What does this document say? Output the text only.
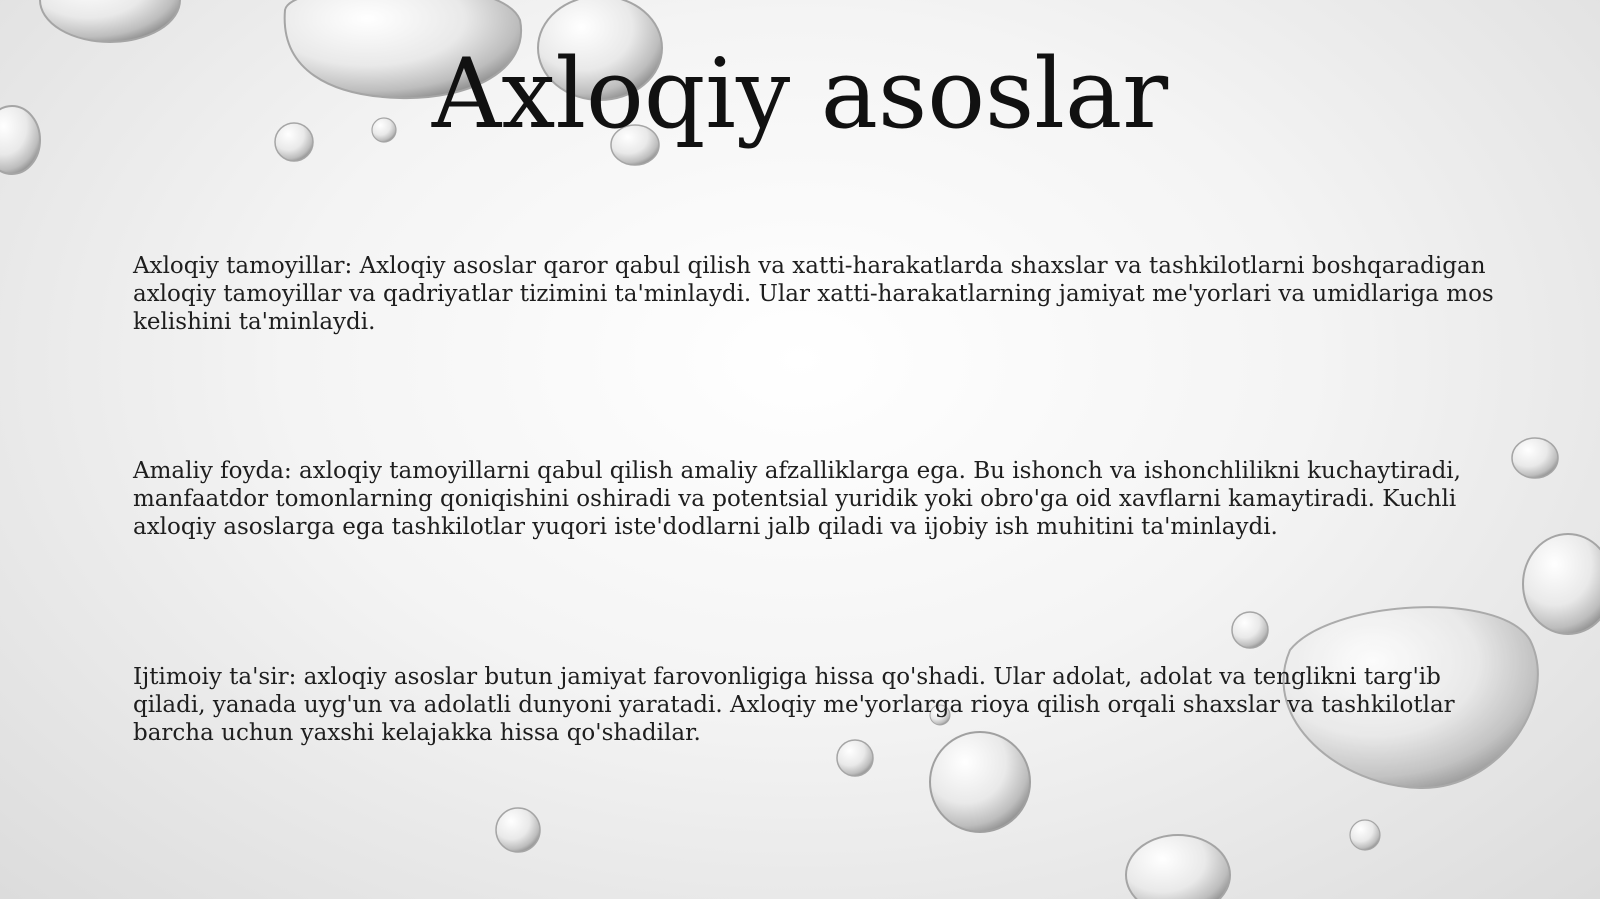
Axloqiy asoslar

Axloqiy tamoyillar: Axloqiy asoslar qaror qabul qilish va xatti-harakatlarda shaxslar va tashkilotlarni boshqaradigan axloqiy tamoyillar va qadriyatlar tizimini ta'minlaydi. Ular xatti-harakatlarning jamiyat me'yorlari va umidlariga mos kelishini ta'minlaydi.

Amaliy foyda: axloqiy tamoyillarni qabul qilish amaliy afzalliklarga ega. Bu ishonch va ishonchlilikni kuchaytiradi, manfaatdor tomonlarning qoniqishini oshiradi va potentsial yuridik yoki obro'ga oid xavflarni kamaytiradi. Kuchli axloqiy asoslarga ega tashkilotlar yuqori iste'dodlarni jalb qiladi va ijobiy ish muhitini ta'minlaydi.

Ijtimoiy ta'sir: axloqiy asoslar butun jamiyat farovonligiga hissa qo'shadi. Ular adolat, adolat va tenglikni targ'ib qiladi, yanada uyg'un va adolatli dunyoni yaratadi. Axloqiy me'yorlarga rioya qilish orqali shaxslar va tashkilotlar barcha uchun yaxshi kelajakka hissa qo'shadilar.
